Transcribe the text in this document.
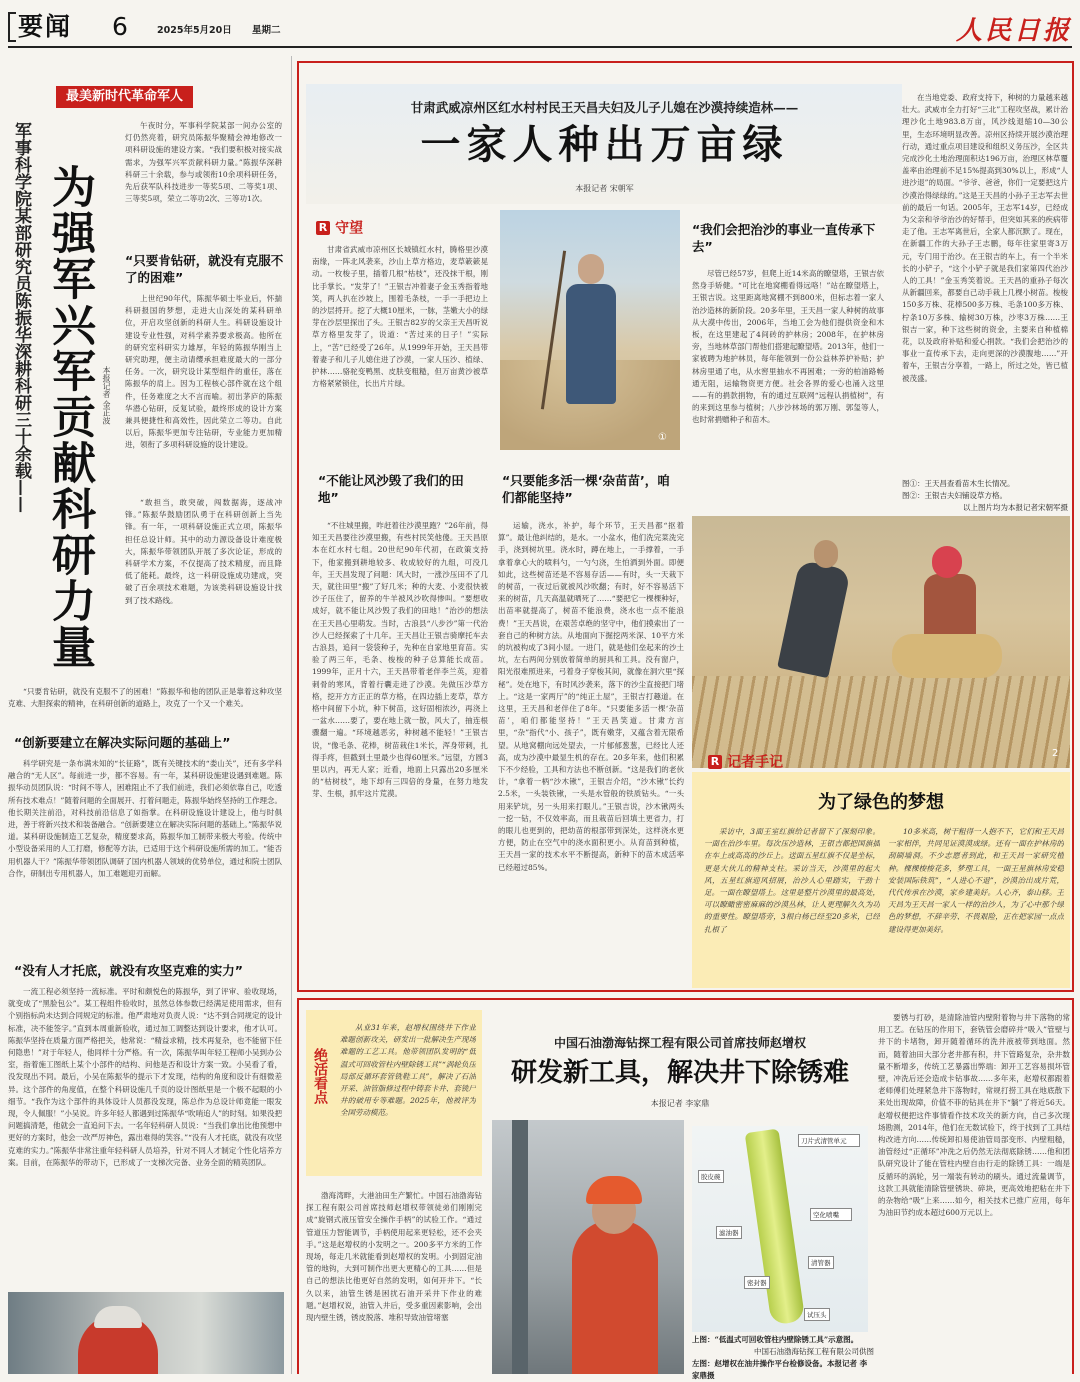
要闻 6	2025年5月20日 星期二	人民日报
最美新时代革命军人
军事科学院某部研究员陈振华深耕科研三十余载—— 为强军兴军贡献科研力量 本报记者 金正波
午夜时分，军事科学院某部一间办公室的灯仍然亮着，研究员陈振华聚精会神地修改一项科研设施的建设方案。“我们要积极对接实战需求，为强军兴军贡献科研力量。”陈振华深耕科研三十余载，参与或领衔10余项科研任务，先后获军队科技进步一等奖5项、二等奖1项、三等奖5项，荣立二等功2次、三等功1次。
“只要肯钻研，就没有克服不了的困难”
上世纪90年代，陈振华硕士毕业后，怀揣科研报国的梦想，走进大山深处的某科研单位，开启攻坚创新的科研人生。科研设施设计建设专业性强，对科学素养要求极高。他所在的研究室科研实力雄厚，年轻的陈振华刚当上研究助理，便主动请缨承担难度最大的一部分任务。一次，研究设计某型组件的重任，落在陈振华的肩上。因为工程核心部件就在这个组件，任务难度之大不言而喻。初出茅庐的陈振华潜心钻研，反复试验，最终形成的设计方案兼具便捷性和高效性，因此荣立二等功。自此以后，陈振华更加专注钻研，专业能力更加精进，领衔了多项科研设施的设计建设。
“敢担当，敢突破，闯数据海，逐战冲锋。”陈振华鼓励团队勇于在科研创新上当先锋。有一年，一项科研设施正式立项，陈振华担任总设计师。其中的动力源设备设计难度极大，陈振华带领团队开展了多次论证，形成的科研学术方案，不仅提高了技术精度，而且降低了能耗。最终，这一科研设施成功建成，突破了百余项技术难题，为该类科研设施设计找到了技术路线。
“只要肯钻研，就没有克服不了的困难！”陈振华和他的团队正是靠着这种攻坚克难、大胆探索的精神，在科研创新的道路上，攻克了一个又一个难关。
“创新要建立在解决实际问题的基础上”
科学研究是一条布满未知的“长征路”，既有关键技术的“娄山关”，还有多学科融合的“无人区”。每前进一步，都不容易。有一年，某科研设施建设遇到难题。陈振华动员团队说：“时间不等人，困难阻止不了我们前进，我们必须依靠自己，吃透所有技术难点！”随着问题的全面展开、打着问题走，陈振华始终坚持的工作理念。他长期关注前沿，对科技前沿信息了如指掌。在科研设施设计建设上，他与时俱进，善于将新兴技术和装备融合。“创新要建立在解决实际问题的基础上。”陈振华说道。某科研设施制造工艺复杂，精度要求高，陈振华加工制带来极大考验。传统中小型设备采用的人工打磨，修配等方法，已适用于这个科研设施所需的加工。“能否用机器人干？”陈振华带领团队调研了国内机器人领域的优势单位，通过和院士团队合作，研制出专用机器人，加工难题迎刃而解。
“没有人才托底，就没有攻坚克难的实力”
一流工程必须坚持一流标准。平时和颇悦色的陈振华，到了评审、验收现场，就变成了“黑脸包公”。某工程组件验收时，虽然总体参数已经满足使用需求，但有个别指标尚未达到合同规定的标准。他严肃地对负责人说：“达不到合同规定的设计标准，决不能签字。”直到本周重新验收，通过加工调整达到设计要求，他才认可。陈振华坚持在质量方面严格把关，他常说：“精益求精，技术再复杂，也不能留下任何隐患！”对于年轻人，他同样十分严格。有一次，陈振华叫年轻工程师小吴到办公室，指着施工图纸上某个小部件的结构、问他是否和设计方案一致。小吴看了看，没发现出不同。最后，小吴在陈振华的提示下才发现，结构的角度和设计有细微差异。这个部件的角度值，在整个科研设施几千页的设计图纸里是一个极不起眼的小细节。“我作为这个部件的具体设计人员都没发现，陈总作为总设计师竟能一眼发现，令人佩服！”小吴说。许多年轻人都遇到过陈振华“吹哨追人”的时刻。如果没把问题搞清楚，他就会一直追问下去。一名年轻科研人员说：“当我们拿出比他预想中更好的方案时，他会一改严厉神色，露出难得的笑容。”“没有人才托底，就没有攻坚克难的实力。”陈振华非常注重年轻科研人员培养，针对不同人才制定个性化培养方案。目前，在陈振华的带动下，已形成了一支梯次完备、业务全面的精英团队。
甘肃武威凉州区红水村村民王天昌夫妇及儿子儿媳在沙漠持续造林——
一家人种出万亩绿
本报记者 宋朝军
R 守望
甘肃省武威市凉州区长城镇红水村，腾格里沙漠南缘，一阵北风袭来，沙山上草方格边，麦草簌簌晃动。一枚梭子里，插着几根“枯枝”，还没抹干根，刚比手掌长。“发芽了！”王银吉冲着妻子金玉秀指着地笑，两人扒在沙坡上，围着毛条枝，一手一手把边上的沙层捋开。挖了大概10厘米，一脉，茎嫩大小的绿芽在沙层里探出了头。王银吉82岁的父亲王天昌听说草方格里发芽了，说道：“苦过来的日子！”实际上，“苦”已经受了26年。从1999年开始，王天昌带着妻子和儿子儿媳住进了沙漠，一家人压沙、植绿、护林……骆驼变鸭黑、皮肤变粗糙，但万亩黄沙被草方格紧紧锁住，长出片片绿。
“不能让风沙毁了我们的田地”
“不往城里搬，咋赶着往沙漠里跑？”26年前，得知王天昌要往沙漠里搬，有些村民笑他傻。王天昌原本在红水村七组。20世纪90年代初，在政策支持下，他家搬到耕地较多、收成较好的九组，可没几年，王天昌发现了问题：风大时，一涨沙压田不了几天，就往田里“搬”了好几米；种的大麦、小麦很快被沙子压住了，留养的牛羊被风沙吹得惨叫。“要想收成好，就不能让风沙毁了我们的田地！”治沙的想法在王天昌心里萌发。当时，古浪县“八步沙”第一代治沙人已经探索了十几年。王天昌让王银吉骑摩托车去古浪县，追问一袋袋种子，先种在自家地里育苗。实验了两三年，毛条、梭梭的种子总算能长成苗。1999年，正月十六，王天昌带着老伴李兰英，迎着刺骨的寒风，背着行囊走进了沙漠。先做压沙草方格，挖开方方正正的草方格，在四边插上麦草，草方格中间留下小坑，种下树苗，这好固相浓沙，再浇上一盆水……要了，要在地上就一散，风大了，抽连根骤翻一遍。“环境越恶劣，种树越不能轻！”王银吉说，“像毛条、花棒，树苗栽住1米长，浑身带刺，扎得手疼，但戳到土里最少也得60厘米。”远望，方圆3里以内，再无人家；近看，地面上只露出20多厘米的“枯树枝”，地下却有三四倍的身量，在努力地发芽、生根，抓牢这片荒漠。
①
“我们会把治沙的事业一直传承下去”
尽管已经57岁，但爬上近14米高的瞭望塔，王银吉依然身手矫健。“可比在地窝棚看得远咯！”站在瞭望塔上，王银吉说。这里距离地窝棚不到800米，但标志着一家人治沙造林的新阶段。20多年里，王天昌一家人种树的故事从大漠中传出，2006年，当地工会为他们提供资金和木板，在这里建起了4间砖的护林房；2008年，在护林房旁，当地林草部门帮他们搭建起瞭望塔。2013年，他们一家被聘为地护林员，每年能领到一份公益林养护补贴；护林房里通了电，从水窖里抽水不再困难；一旁的柏油路畅通无阻，运输物资更方便。社会各界的爱心也涌入这里——有的捐款捐物，有的通过互联网“远程认捐植树”，有的来到这里参与植树；八步沙林场的郭万刚、郭玺等人，也时常捐赠种子和苗木。
“只要能多活一棵‘杂苗苗’，咱们都能坚持”
运输，浇水，补护，每个环节，王天昌都“抠着算”。最让他纠结的，是水。一小盆水，他们洗完菜洗完手，浇到树坑里。浇水时，蹲在地上，一手撑着，一手拿着拿心大的喷料勺，一勺勺浇，生怕洒到外面。即便如此，这些树苗还是不容易存活——有时，头一天栽下的树苗，一夜过后就被风沙吹翻；有时，好不容易活下来的树苗，几天高温就晒死了……“要把它一棵棵种好，出苗率就提高了，树苗不能浪费，浇水也一点不能浪费！”王天昌说，在艰苦卓绝的坚守中，他们摸索出了一套自己的种树方法。从地面向下掘挖两米深、10平方米的坑被构成了3间小屋。一进门，就是他们垒起来的沙土坑，左右两间分别放着简单的厨具和工具。没有窗户，阳光很难照进来，弓着身子穿梭其间，就像在洞穴里“探秘”。处在地下，有时风沙袭来，落下的沙尘直接把门堵上。“这是一家两厅”的“纯正土屋”，王银吉打趣道。在这里，王天昌和老伴住了8年。“只要能多活一棵‘杂苗苗’，咱们都能坚持！”王天昌笑道。甘肃方言里，“杂”指代“小、孩子”，既有嫩芽，又蕴含着无限希望。从地窝棚向远处望去，一片郁郁葱葱，已经比人还高，成为沙漠中最显生机的存在。20多年来，他们积累下不少经验，工具和方法也不断创新。“这是我们的老伙计，“拿着一柄“沙木锹”，王银吉介绍，“沙木锹”长约2.5米，一头装铁锹，一头是水管般的铁质钻头。“一头用来铲坑，另一头用来打眼儿。”王银吉说，沙木锹两头一挖一钻，不仅效率高，而且栽苗后回填土更省力，打的眼儿也更到的，把幼苗的根部带到深处，这样浇水更方便，防止在空气中的浇水面积更小。从育苗到种植，王天昌一家的技术水平不断提高，新种下的苗木成活率已经超过85%。
在当地党委、政府支持下，种树的力量越来越壮大。武威市全力打好“三北”工程攻坚战，累计治理沙化土地983.8万亩，风沙线退缩10—30公里，生态环境明显改善。凉州区持续开展沙漠治理行动，通过重点项目建设和组织义务压沙，全区共完成沙化土地治理面积达196万亩，治理区林草覆盖率由治理前不足15%提高到30%以上，形成“人进沙退”的局面。“爷爷、爸爸，你们一定要把这片沙漠治得绿绿的。”这是王天昌的小孙子王志军去世前的最后一句话。2005年，王志军14岁，已经成为父亲和爷爷治沙的好帮手，但突如其来的疾病带走了他。王志军离世后，全家人都沉默了。现在，在新疆工作的大孙子王志鹏，每年往家里寄3万元，专门用于治沙。在王银吉的车上，有一个半米长的小铲子，“这个小铲子就是我们家第四代治沙人的工具！”金玉秀笑着说。王天昌的重孙子每次从新疆回来，都要自己动手栽上几棵小树苗。梭梭150多万株、花棒500多万株、毛条100多万株、柠条10万多株、输树30万株，沙枣3万株……王银吉一家，种下这些树的资金，主要来自种植棉花，以及政府补贴和爱心捐款。“我们会把治沙的事业一直传承下去，走向更深的沙漠腹地……”开着车，王银吉分享着，一路上，所过之处，皆已植被茂盛。
图①：王天昌查看苗木生长情况。
图②：王银吉夫妇铺设草方格。
以上图片均为本报记者宋朝军摄
2
R 记者手记
为了绿色的梦想
采访中，3面王室红旗给记者留下了深刻印象。一面在治沙车里。每次压沙造林，王银吉都把国旗插在车上或高高的沙丘上。送面五星红旗不仅是坐标，更是大伙儿的精神支柱。采访当天，沙漠里的起大风，五星红旗迎风招展，治沙人心里踏实，干劲十足。一面在瞭望塔上。这里是整片沙漠里的最高处，可以瞭瞰密密麻麻的沙漠丛林，让人更理解久久为功的重要性。瞭望塔旁，3根白杨已经至20多米，已经扎根了
10多米高，树干粗得一人抱不下，它们和王天昌一家相伴，共同见证漠漠成绿。还有一面在护林房的刮刷墙洞。不少志愿者到此，和王天昌一家研究植种。棵棵梭梭花多，梦理工具，一面王星旗林房安稳安装国际铁筑”，“人进心不退”，沙漠治出成片荒，代代传承在沙漠，家乡建美好。人心齐，泰山移。王天昌为王天昌一家人一样的治沙人，为了心中那个绿色的梦想，不辞辛劳、不畏艰险，正在把家园一点点建设得更加美好。
绝活看点
从业31年来，赵增权围绕井下作业难题创新攻关，研发出一批解决生产现场难题的工艺工具。他带领团队发明的“低温式可回收管柱内壁除锈工具”“涡轮负压局部反循环套管铣鞋工具”，解决了石油开采、油管脂修过程中铸套卡井、套铣尸井的破用专等难题。2025年，他被评为全国劳动模范。
中国石油渤海钻探工程有限公司首席技师赵增权
研发新工具，解决井下除锈难
本报记者 李家鼎
渤海湾畔，大港油田生产繁忙。中国石油渤海钻探工程有限公司首席技师赵增权带领徒弟们刚刚完成“旋钢式液压管安全操作手柄”的试验工作。“通过管道压力智能调节，手柄使用起来更轻松，还不会夹手。”这是赵增权的小发明之一。200多平方米的工作现场，每走几米就能看到赵增权的发明。小到固定油管的地钩，大到可制作出更大更精心的工具……但是自己的想法比他更好自然的发明，如何开井下。“长久以来，油管生锈是困扰石油开采井下作业的难题。”赵增权说，油管入井后，受多重因素影响，会出现内壁生锈，锈皮脱落、堆积导致油管堵塞
刀片式清管单元
胶皮碗
空化喷嘴
滤油器
清管器
密封器
试压头
上图：“低温式可回收管柱内壁除锈工具”示意图。
中国石油渤海钻探工程有限公司供图
左图：赵增权在油井操作平台检修设备。本报记者 李家鼎摄
要锈与打砂，是清除油管内壁附着物与井下落物的常用工艺。在钻压的作用下，套铣管会磨碎并“吸入”管壁与井下的卡堵物，卸开随着循环的洗井液被带到地面。然而，随着油田大部分老井都有积，井下管路复杂，杂井数量不断增多，传统工艺暴露出弊端：卸开工艺容易损坏管壁，冲洗后还会造成卡钻事故……多年来，赵增权都跟着老师傅们处理紧急井下落物时，常规打捞工具在地底散下来处出现故障，价值不菲的钻具在井下“躺”了将近56天。赵增权便把这件事情看作技术攻关的新方向，自己多次现场勘测，2014年，他们在无数试验下，终于找到了工具结构改进方向……传统卸扣易使油管局部变形、内壁粗糙，油管经过“正循环”冲洗之后仍然无法彻底除锈……他和团队研究设计了能在管柱内壁自由行走的除锈工具：一端是反循环的涡轮，另一端装有转动的刷头。通过流量调节，这款工具就能清除管壁锈块、碎块，更高效地把粘在井下的杂物给“吸”上来……如今，相关技术已推广应用，每年为油田节约成本超过600万元以上。
